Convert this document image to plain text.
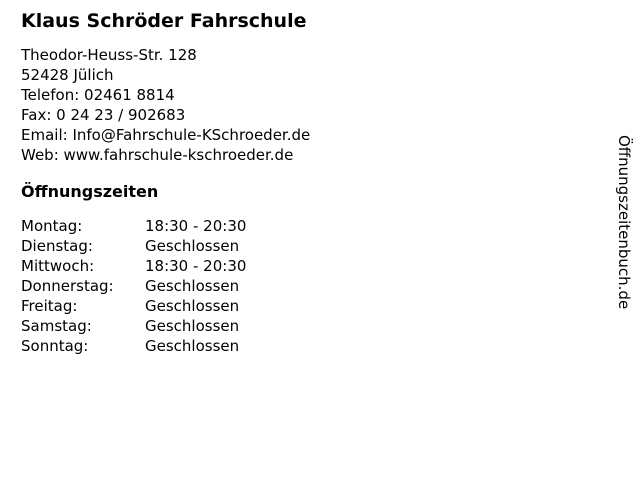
Klaus Schröder Fahrschule
Theodor-Heuss-Str. 128
52428 Jülich
Telefon: 02461 8814
Fax: 0 24 23 / 902683
Email: Info@Fahrschule-KSchroeder.de
Web: www.fahrschule-kschroeder.de
Öffnungszeiten
Montag:	18:30 - 20:30
Dienstag:	Geschlossen
Mittwoch:	18:30 - 20:30
Donnerstag: Geschlossen
Freitag:	Geschlossen
Samstag:	Geschlossen
Sonntag:	Geschlossen
Öffnungszeitenbuch.de
